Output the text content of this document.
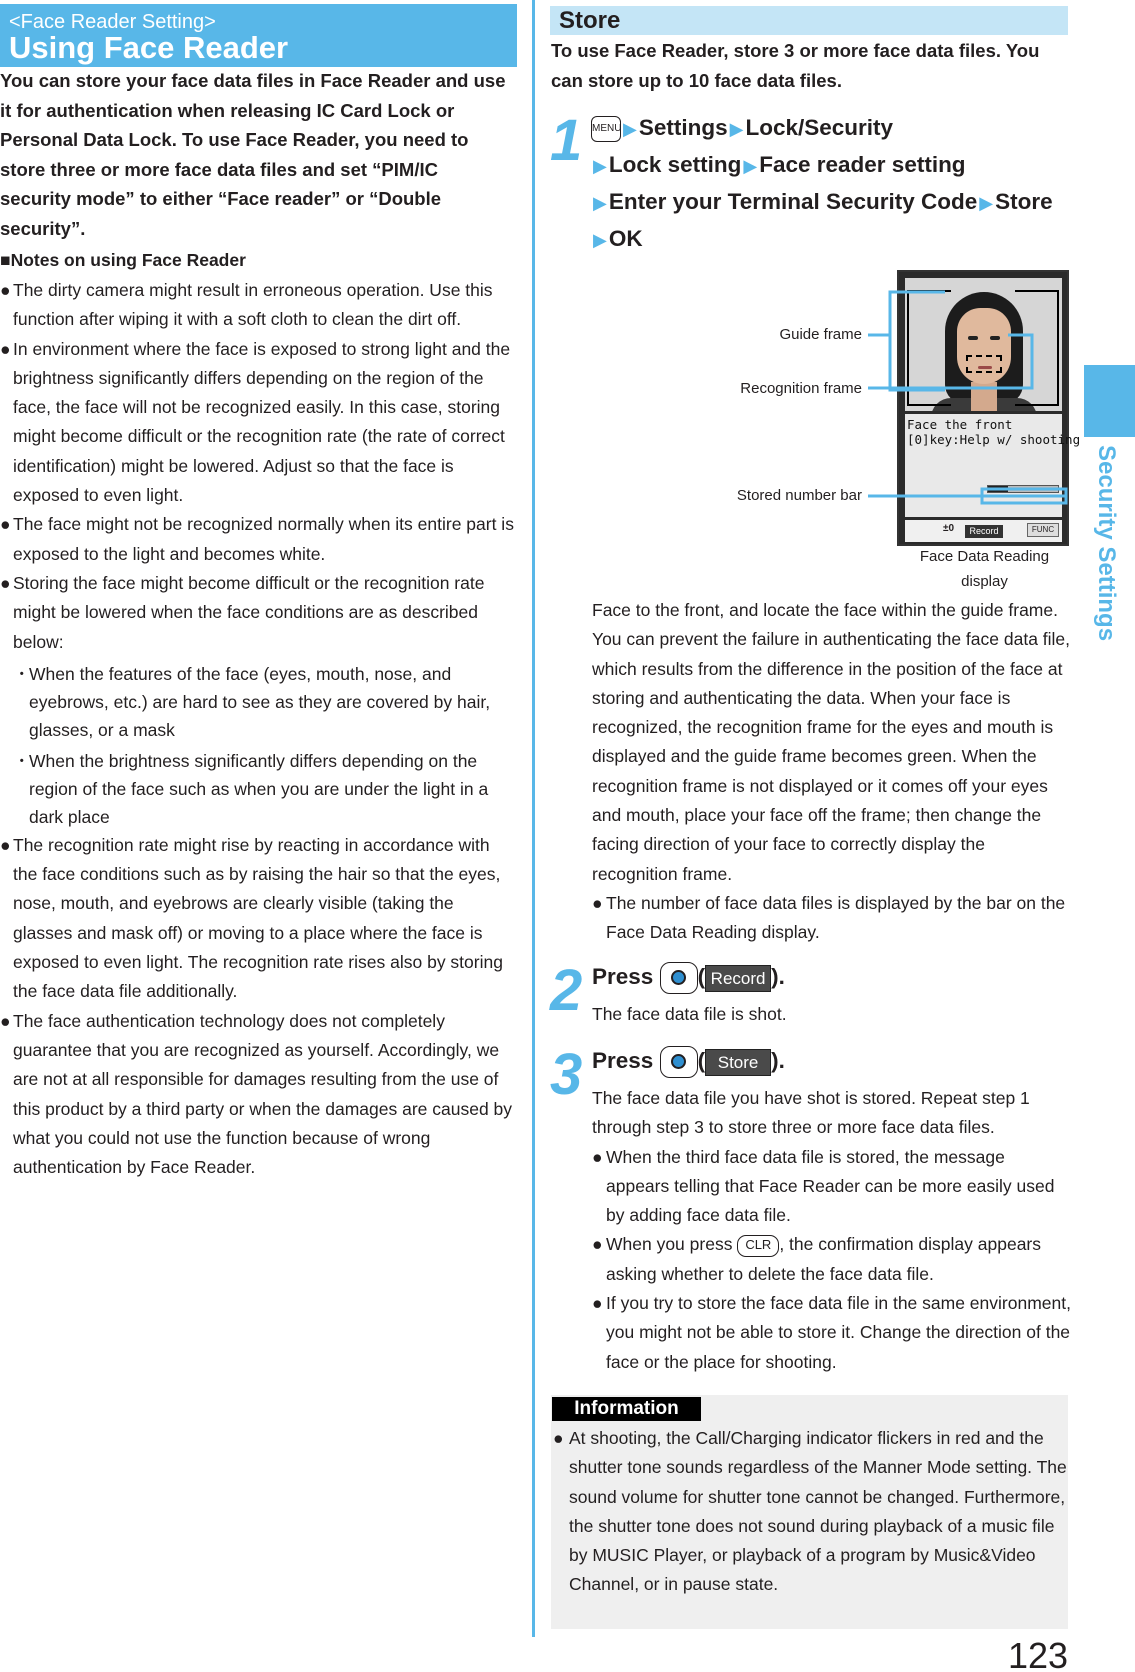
<Face Reader Setting>
Using Face Reader

You can store your face data files in Face Reader and use it for authentication when releasing IC Card Lock or Personal Data Lock. To use Face Reader, you need to store three or more face data files and set “PIM/IC security mode” to either “Face reader” or “Double security”.

■Notes on using Face Reader
● The dirty camera might result in erroneous operation. Use this function after wiping it with a soft cloth to clean the dirt off.
● In environment where the face is exposed to strong light and the brightness significantly differs depending on the region of the face, the face will not be recognized easily. In this case, storing might become difficult or the recognition rate (the rate of correct identification) might be lowered. Adjust so that the face is exposed to even light.
● The face might not be recognized normally when its entire part is exposed to the light and becomes white.
● Storing the face might become difficult or the recognition rate might be lowered when the face conditions are as described below:
・
When the features of the face (eyes, mouth, nose, and eyebrows, etc.) are hard to see as they are covered by hair, glasses, or a mask
・
When the brightness significantly differs depending on the region of the face such as when you are under the light in a dark place
● The recognition rate might rise by reacting in accordance with the face conditions such as by raising the hair so that the eyes, nose, mouth, and eyebrows are clearly visible (taking the glasses and mask off) or moving to a place where the face is exposed to even light. The recognition rate rises also by storing the face data file additionally.
● The face authentication technology does not completely guarantee that you are recognized as yourself. Accordingly, we are not at all responsible for damages resulting from the use of this product by a third party or when the damages are caused by what you could not use the function because of wrong authentication by Face Reader.
Store

To use Face Reader, store 3 or more face data files. You can store up to 10 face data files.

1 MENU▶Settings ▶Lock/Security
▶Lock setting ▶Face reader setting
▶Enter your Terminal Security Code ▶Store
▶OK
Face the front
[0]key:Help w/ shooting
±0	Record	FUNC
Guide frame
Recognition frame
Stored number bar
Face Data Reading
display
Face to the front, and locate the face within the guide frame. You can prevent the failure in authenticating the face data file, which results from the difference in the position of the face at storing and authenticating the data. When your face is recognized, the recognition frame for the eyes and mouth is displayed and the guide frame becomes green. When the recognition frame is not displayed or it comes off your eyes and mouth, place your face off the frame; then change the facing direction of your face to correctly display the recognition frame.
● The number of face data files is displayed by the bar on the Face Data Reading display.
2 Press ( Record ).
The face data file is shot.
3 Press ( Store ).
The face data file you have shot is stored. Repeat step 1 through step 3 to store three or more face data files.
● When the third face data file is stored, the message appears telling that Face Reader can be more easily used by adding face data file.
● When you press CLR , the confirmation display appears asking whether to delete the face data file.
● If you try to store the face data file in the same environment, you might not be able to store it. Change the direction of the face or the place for shooting.
Information
● At shooting, the Call/Charging indicator flickers in red and the shutter tone sounds regardless of the Manner Mode setting. The sound volume for shutter tone cannot be changed. Furthermore, the shutter tone does not sound during playback of a music file by MUSIC Player, or playback of a program by Music&Video Channel, or in pause state.
Security Settings
123
